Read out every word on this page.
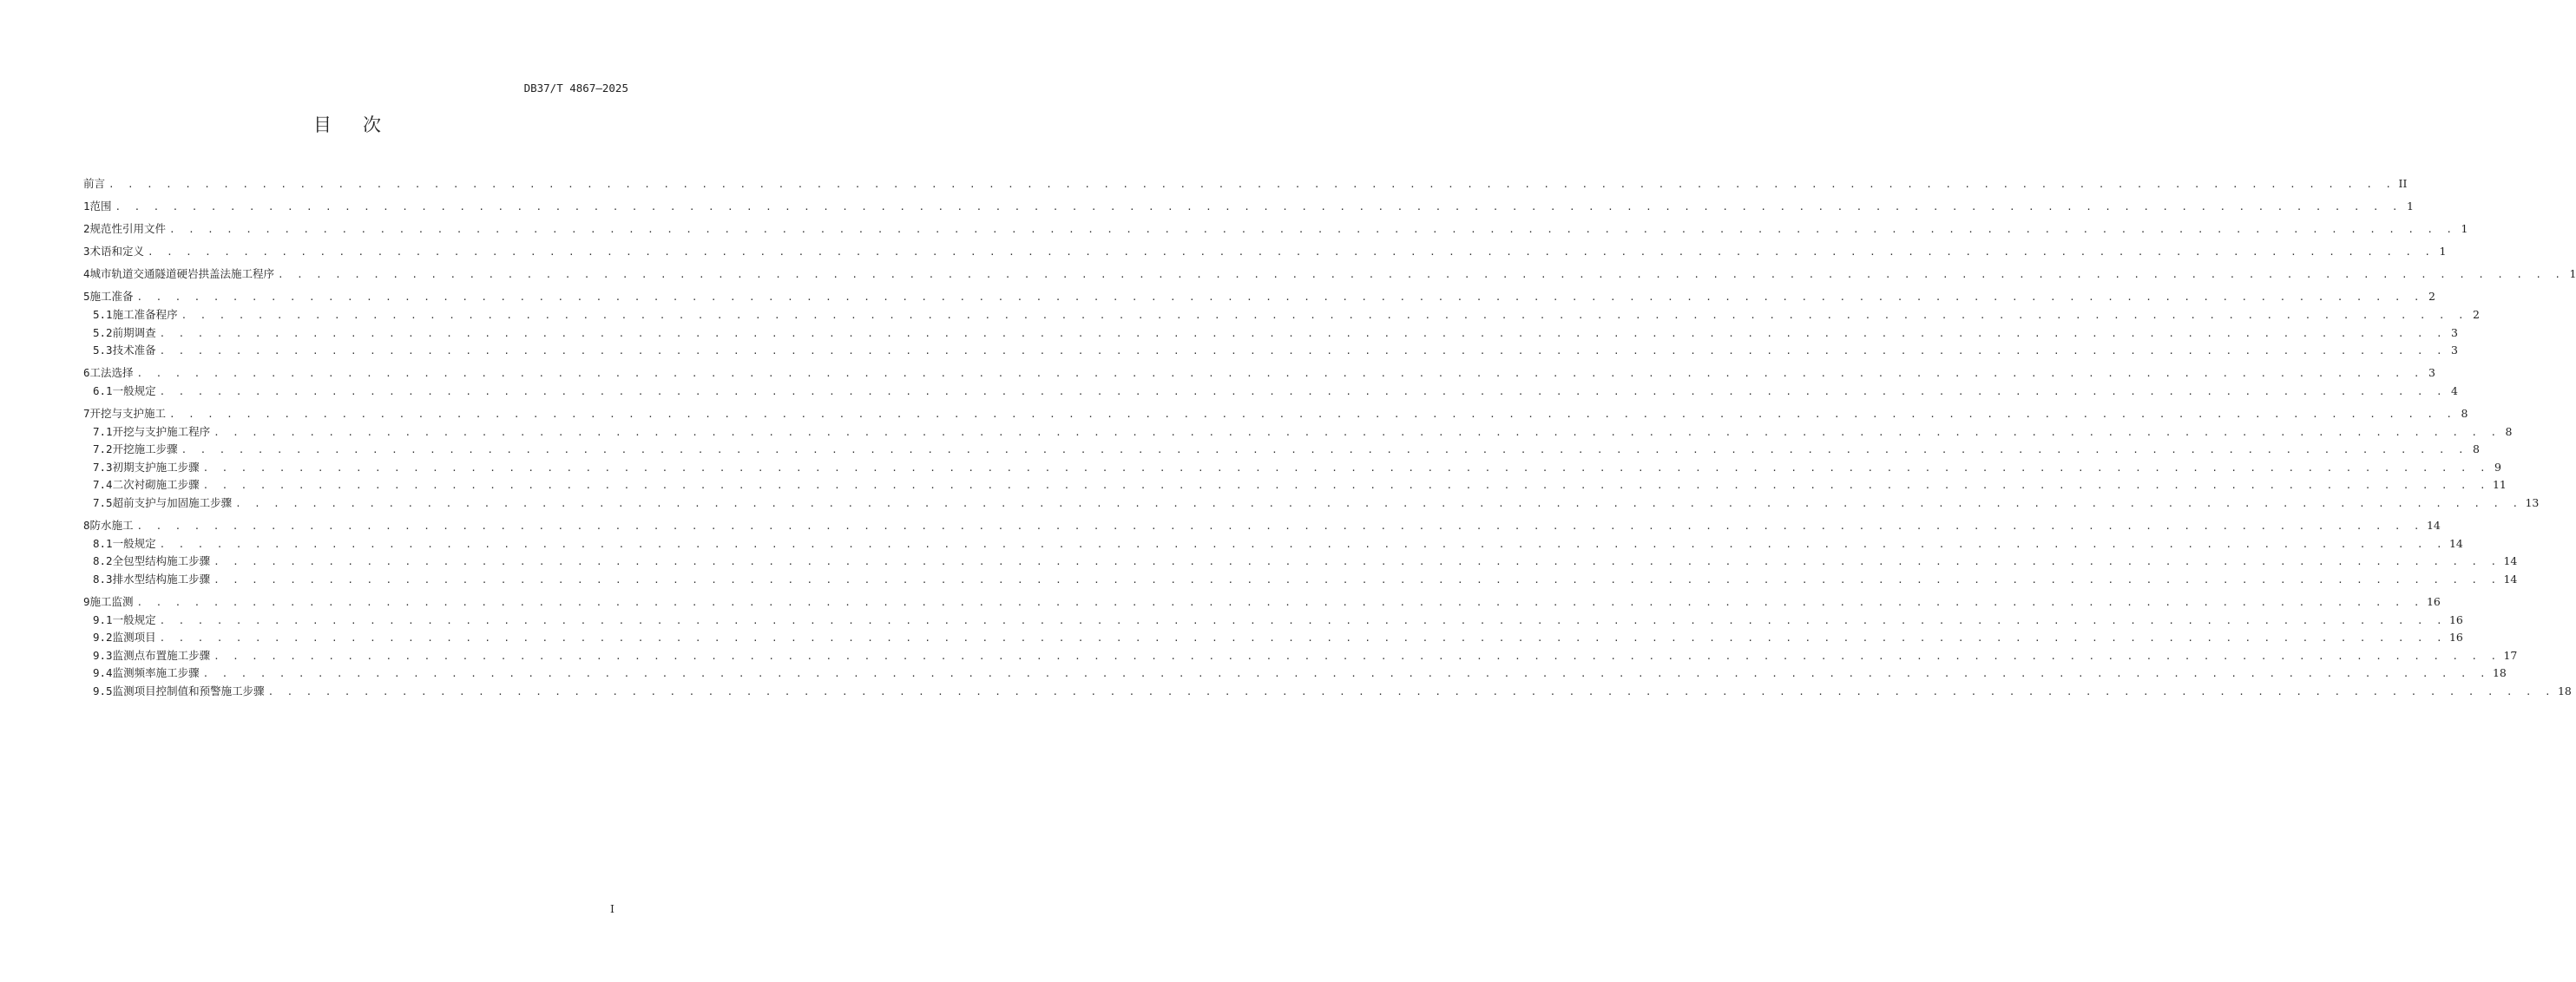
DB37/T 4867—2025
目次
前言 . . . . . . . . . . . . . . . . . . . . . . . . . . . . . . . . . . . . . . . . . . . . . . . . . . . . . . . . . . . . . . . . . . . . . . . . . . . . . . . . . . . . . . . . . . . . . . . . . . . . . . . . . . . . . . . . . . . . . . . . II
1 范围 . . . . . . . . . . . . . . . . . . . . . . . . . . . . . . . . . . . . . . . . . . . . . . . . . . . . . . . . . . . . . . . . . . . . . . . . . . . . . . . . . . . . . . . . . . . . . . . . . . . . . . . . . . . . . . . . . . . . . . . . 1
2 规范性引用文件 . . . . . . . . . . . . . . . . . . . . . . . . . . . . . . . . . . . . . . . . . . . . . . . . . . . . . . . . . . . . . . . . . . . . . . . . . . . . . . . . . . . . . . . . . . . . . . . . . . . . . . . . . . . . . . . . . . . . . . . . 1
3 术语和定义 . . . . . . . . . . . . . . . . . . . . . . . . . . . . . . . . . . . . . . . . . . . . . . . . . . . . . . . . . . . . . . . . . . . . . . . . . . . . . . . . . . . . . . . . . . . . . . . . . . . . . . . . . . . . . . . . . . . . . . . . 1
4 城市轨道交通隧道硬岩拱盖法施工程序 . . . . . . . . . . . . . . . . . . . . . . . . . . . . . . . . . . . . . . . . . . . . . . . . . . . . . . . . . . . . . . . . . . . . . . . . . . . . . . . . . . . . . . . . . . . . . . . . . . . . . . . . . . . . . . . . . . . . . . . . 1
5 施工准备 . . . . . . . . . . . . . . . . . . . . . . . . . . . . . . . . . . . . . . . . . . . . . . . . . . . . . . . . . . . . . . . . . . . . . . . . . . . . . . . . . . . . . . . . . . . . . . . . . . . . . . . . . . . . . . . . . . . . . . . . 2
5.1 施工准备程序 . . . . . . . . . . . . . . . . . . . . . . . . . . . . . . . . . . . . . . . . . . . . . . . . . . . . . . . . . . . . . . . . . . . . . . . . . . . . . . . . . . . . . . . . . . . . . . . . . . . . . . . . . . . . . . . . . . . . . . . . 2
5.2 前期调查 . . . . . . . . . . . . . . . . . . . . . . . . . . . . . . . . . . . . . . . . . . . . . . . . . . . . . . . . . . . . . . . . . . . . . . . . . . . . . . . . . . . . . . . . . . . . . . . . . . . . . . . . . . . . . . . . . . . . . . . . 3
5.3 技术准备 . . . . . . . . . . . . . . . . . . . . . . . . . . . . . . . . . . . . . . . . . . . . . . . . . . . . . . . . . . . . . . . . . . . . . . . . . . . . . . . . . . . . . . . . . . . . . . . . . . . . . . . . . . . . . . . . . . . . . . . . 3
6 工法选择 . . . . . . . . . . . . . . . . . . . . . . . . . . . . . . . . . . . . . . . . . . . . . . . . . . . . . . . . . . . . . . . . . . . . . . . . . . . . . . . . . . . . . . . . . . . . . . . . . . . . . . . . . . . . . . . . . . . . . . . . 3
6.1 一般规定 . . . . . . . . . . . . . . . . . . . . . . . . . . . . . . . . . . . . . . . . . . . . . . . . . . . . . . . . . . . . . . . . . . . . . . . . . . . . . . . . . . . . . . . . . . . . . . . . . . . . . . . . . . . . . . . . . . . . . . . . 4
7 开挖与支护施工 . . . . . . . . . . . . . . . . . . . . . . . . . . . . . . . . . . . . . . . . . . . . . . . . . . . . . . . . . . . . . . . . . . . . . . . . . . . . . . . . . . . . . . . . . . . . . . . . . . . . . . . . . . . . . . . . . . . . . . . . 8
7.1 开挖与支护施工程序 . . . . . . . . . . . . . . . . . . . . . . . . . . . . . . . . . . . . . . . . . . . . . . . . . . . . . . . . . . . . . . . . . . . . . . . . . . . . . . . . . . . . . . . . . . . . . . . . . . . . . . . . . . . . . . . . . . . . . . . . 8
7.2 开挖施工步骤 . . . . . . . . . . . . . . . . . . . . . . . . . . . . . . . . . . . . . . . . . . . . . . . . . . . . . . . . . . . . . . . . . . . . . . . . . . . . . . . . . . . . . . . . . . . . . . . . . . . . . . . . . . . . . . . . . . . . . . . . 8
7.3 初期支护施工步骤 . . . . . . . . . . . . . . . . . . . . . . . . . . . . . . . . . . . . . . . . . . . . . . . . . . . . . . . . . . . . . . . . . . . . . . . . . . . . . . . . . . . . . . . . . . . . . . . . . . . . . . . . . . . . . . . . . . . . . . . . 9
7.4 二次衬砌施工步骤 . . . . . . . . . . . . . . . . . . . . . . . . . . . . . . . . . . . . . . . . . . . . . . . . . . . . . . . . . . . . . . . . . . . . . . . . . . . . . . . . . . . . . . . . . . . . . . . . . . . . . . . . . . . . . . . . . . . . . . . . 11
7.5 超前支护与加固施工步骤 . . . . . . . . . . . . . . . . . . . . . . . . . . . . . . . . . . . . . . . . . . . . . . . . . . . . . . . . . . . . . . . . . . . . . . . . . . . . . . . . . . . . . . . . . . . . . . . . . . . . . . . . . . . . . . . . . . . . . . . . 13
8 防水施工 . . . . . . . . . . . . . . . . . . . . . . . . . . . . . . . . . . . . . . . . . . . . . . . . . . . . . . . . . . . . . . . . . . . . . . . . . . . . . . . . . . . . . . . . . . . . . . . . . . . . . . . . . . . . . . . . . . . . . . . . 14
8.1 一般规定 . . . . . . . . . . . . . . . . . . . . . . . . . . . . . . . . . . . . . . . . . . . . . . . . . . . . . . . . . . . . . . . . . . . . . . . . . . . . . . . . . . . . . . . . . . . . . . . . . . . . . . . . . . . . . . . . . . . . . . . . 14
8.2 全包型结构施工步骤 . . . . . . . . . . . . . . . . . . . . . . . . . . . . . . . . . . . . . . . . . . . . . . . . . . . . . . . . . . . . . . . . . . . . . . . . . . . . . . . . . . . . . . . . . . . . . . . . . . . . . . . . . . . . . . . . . . . . . . . . 14
8.3 排水型结构施工步骤 . . . . . . . . . . . . . . . . . . . . . . . . . . . . . . . . . . . . . . . . . . . . . . . . . . . . . . . . . . . . . . . . . . . . . . . . . . . . . . . . . . . . . . . . . . . . . . . . . . . . . . . . . . . . . . . . . . . . . . . . 14
9 施工监测 . . . . . . . . . . . . . . . . . . . . . . . . . . . . . . . . . . . . . . . . . . . . . . . . . . . . . . . . . . . . . . . . . . . . . . . . . . . . . . . . . . . . . . . . . . . . . . . . . . . . . . . . . . . . . . . . . . . . . . . . 16
9.1 一般规定 . . . . . . . . . . . . . . . . . . . . . . . . . . . . . . . . . . . . . . . . . . . . . . . . . . . . . . . . . . . . . . . . . . . . . . . . . . . . . . . . . . . . . . . . . . . . . . . . . . . . . . . . . . . . . . . . . . . . . . . . 16
9.2 监测项目 . . . . . . . . . . . . . . . . . . . . . . . . . . . . . . . . . . . . . . . . . . . . . . . . . . . . . . . . . . . . . . . . . . . . . . . . . . . . . . . . . . . . . . . . . . . . . . . . . . . . . . . . . . . . . . . . . . . . . . . . 16
9.3 监测点布置施工步骤 . . . . . . . . . . . . . . . . . . . . . . . . . . . . . . . . . . . . . . . . . . . . . . . . . . . . . . . . . . . . . . . . . . . . . . . . . . . . . . . . . . . . . . . . . . . . . . . . . . . . . . . . . . . . . . . . . . . . . . . . 17
9.4 监测频率施工步骤 . . . . . . . . . . . . . . . . . . . . . . . . . . . . . . . . . . . . . . . . . . . . . . . . . . . . . . . . . . . . . . . . . . . . . . . . . . . . . . . . . . . . . . . . . . . . . . . . . . . . . . . . . . . . . . . . . . . . . . . . 18
9.5 监测项目控制值和预警施工步骤 . . . . . . . . . . . . . . . . . . . . . . . . . . . . . . . . . . . . . . . . . . . . . . . . . . . . . . . . . . . . . . . . . . . . . . . . . . . . . . . . . . . . . . . . . . . . . . . . . . . . . . . . . . . . . . . . . . . . . . . . 18
I
